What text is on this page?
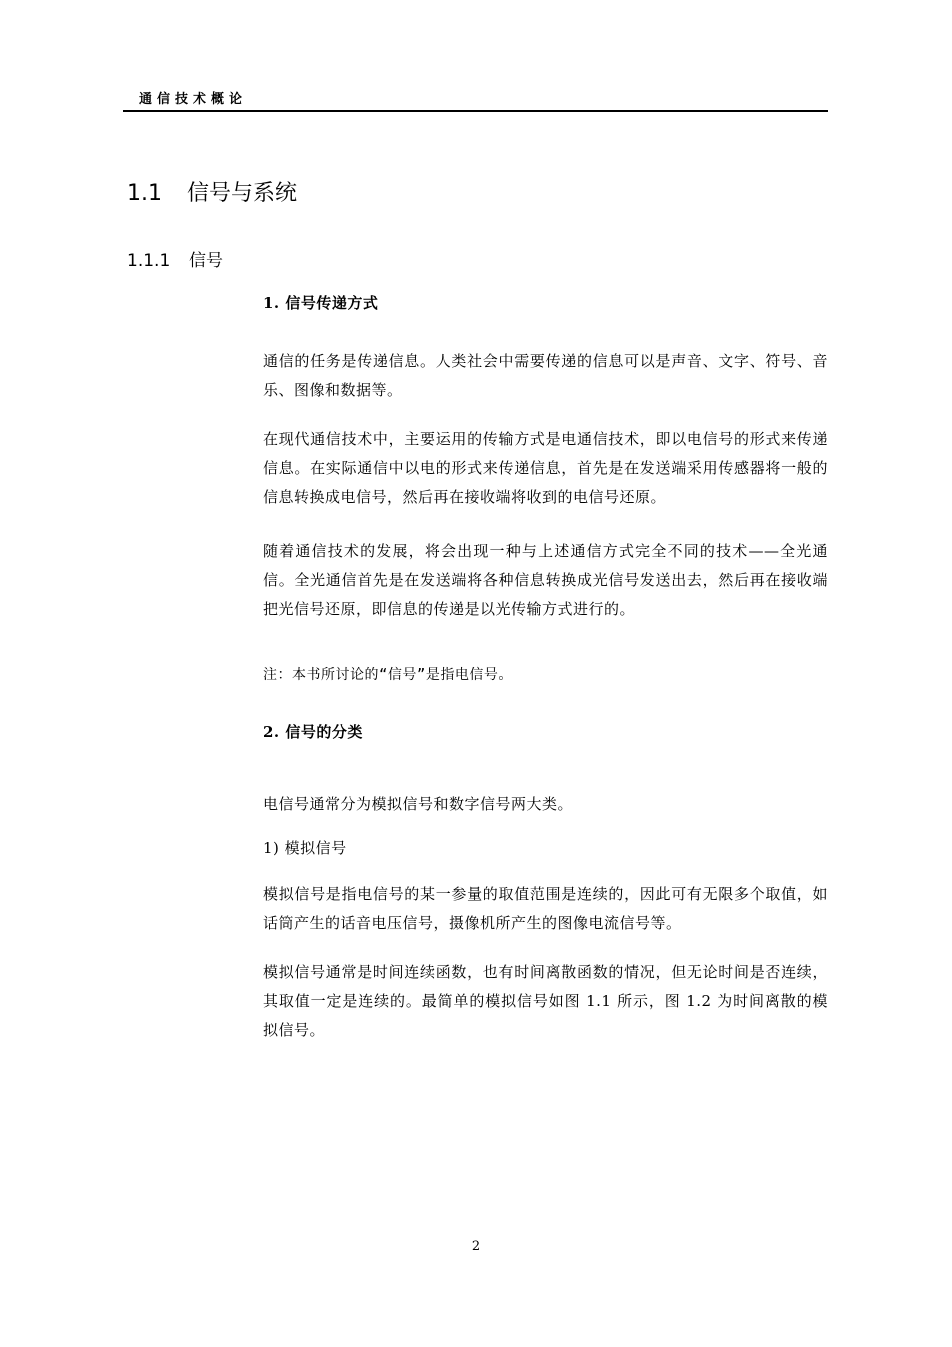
通信技术概论
1.1 信号与系统
1.1.1 信号
1. 信号传递方式
通信的任务是传递信息。人类社会中需要传递的信息可以是声音、文字、符号、音乐、图像和数据等。
在现代通信技术中，主要运用的传输方式是电通信技术，即以电信号的形式来传递信息。在实际通信中以电的形式来传递信息，首先是在发送端采用传感器将一般的信息转换成电信号，然后再在接收端将收到的电信号还原。
随着通信技术的发展，将会出现一种与上述通信方式完全不同的技术——全光通信。全光通信首先是在发送端将各种信息转换成光信号发送出去，然后再在接收端把光信号还原，即信息的传递是以光传输方式进行的。
注：本书所讨论的“信号”是指电信号。
2. 信号的分类
电信号通常分为模拟信号和数字信号两大类。
1) 模拟信号
模拟信号是指电信号的某一参量的取值范围是连续的，因此可有无限多个取值，如话筒产生的话音电压信号，摄像机所产生的图像电流信号等。
模拟信号通常是时间连续函数，也有时间离散函数的情况，但无论时间是否连续，其取值一定是连续的。最简单的模拟信号如图 1.1 所示，图 1.2 为时间离散的模拟信号。
2
